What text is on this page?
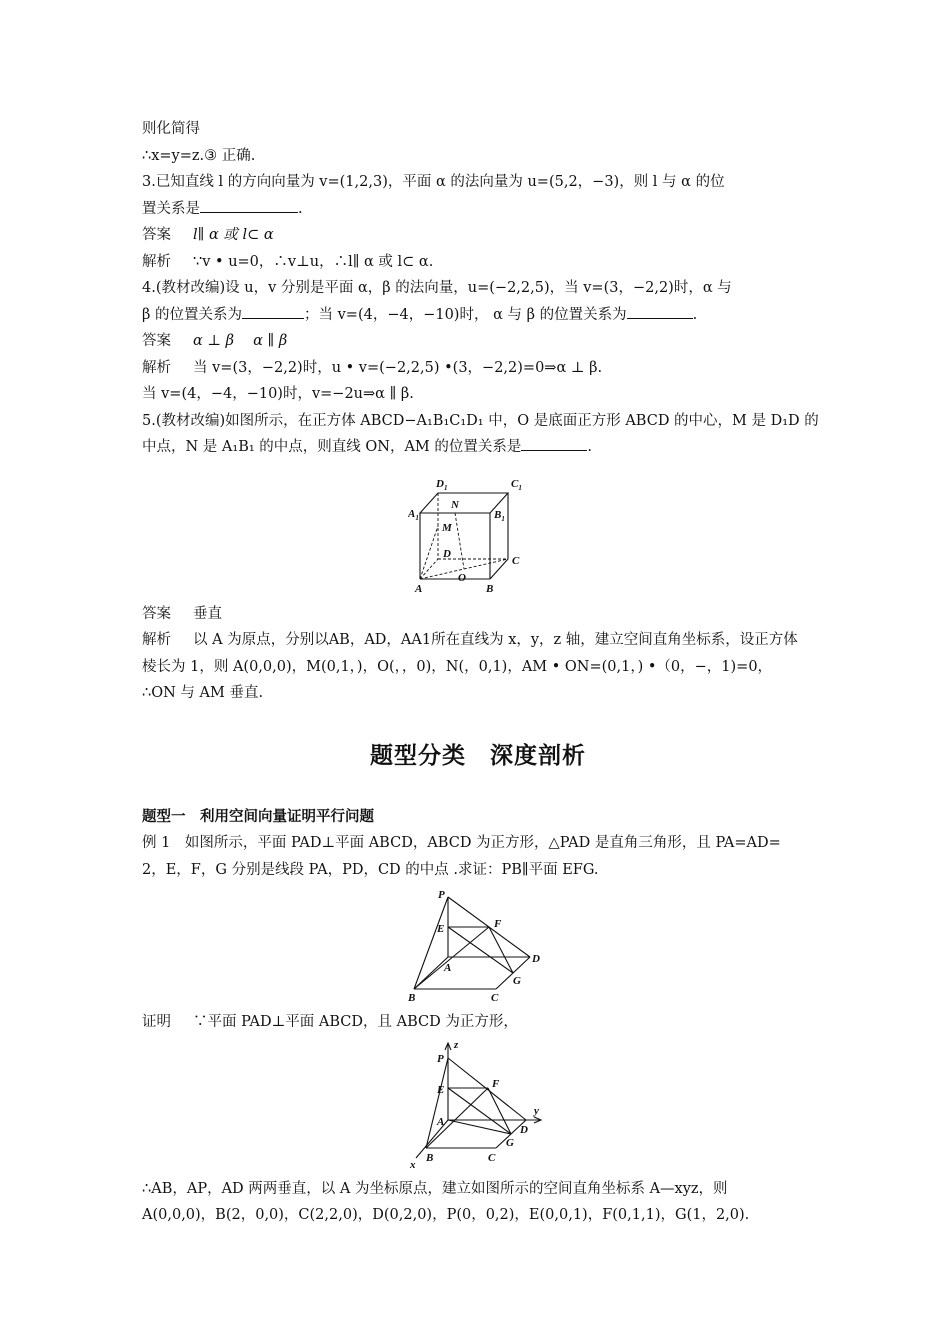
则化简得
∴x=y=z.③ 正确.
3.已知直线 l 的方向向量为 v=(1,2,3)，平面 α 的法向量为 u=(5,2，−3)，则 l 与 α 的位
置关系是	.
答案 l∥ α 或 l⊂ α
解析 ∵v • u=0，∴v⊥u，∴l∥ α 或 l⊂ α.
4.(教材改编)设 u，v 分别是平面 α，β 的法向量，u=(−2,2,5)，当 v=(3，−2,2)时，α 与
β 的位置关系为	；当 v=(4，−4，−10)时， α 与 β 的位置关系为	.
答案 α ⊥ β　 α ∥ β
解析 当 v=(3，−2,2)时，u • v=(−2,2,5) •(3，−2,2)=0⇒α ⊥ β.
当 v=(4，−4，−10)时，v=−2u⇒α ∥ β.
5.(教材改编)如图所示，在正方体 ABCD−A₁B₁C₁D₁ 中，O 是底面正方形 ABCD 的中心，M 是 D₁D 的
中点，N 是 A₁B₁ 的中点，则直线 ON，AM 的位置关系是	.
$D_1$	$C_1$
$A_1$	$B_1$
N
M
D
C
O
A	B
答案 垂直
解析 以 A 为原点，分别以AB，AD，AA1所在直线为 x，y，z 轴，建立空间直角坐标系，设正方体
棱长为 1，则 A(0,0,0)，M(0,1，)，O(，，0)，N(，0,1)，AM • ON=(0,1，) •（0，−，1)=0，
∴ON 与 AM 垂直.
题型分类　深度剖析
题型一　利用空间向量证明平行问题
例 1　如图所示，平面 PAD⊥平面 ABCD，ABCD 为正方形，△PAD 是直角三角形，且 PA=AD=
2，E，F，G 分别是线段 PA，PD，CD 的中点 .求证：PB∥平面 EFG.
P
E	F
A
D
B	C
G
证明 ∵平面 PAD⊥平面 ABCD，且 ABCD 为正方形，
z
P
F
E
y
A
D
G
B	C
x
∴AB，AP，AD 两两垂直，以 A 为坐标原点，建立如图所示的空间直角坐标系 A—xyz，则
A(0,0,0)，B(2，0,0)，C(2,2,0)，D(0,2,0)，P(0，0,2)，E(0,0,1)，F(0,1,1)，G(1，2,0).
